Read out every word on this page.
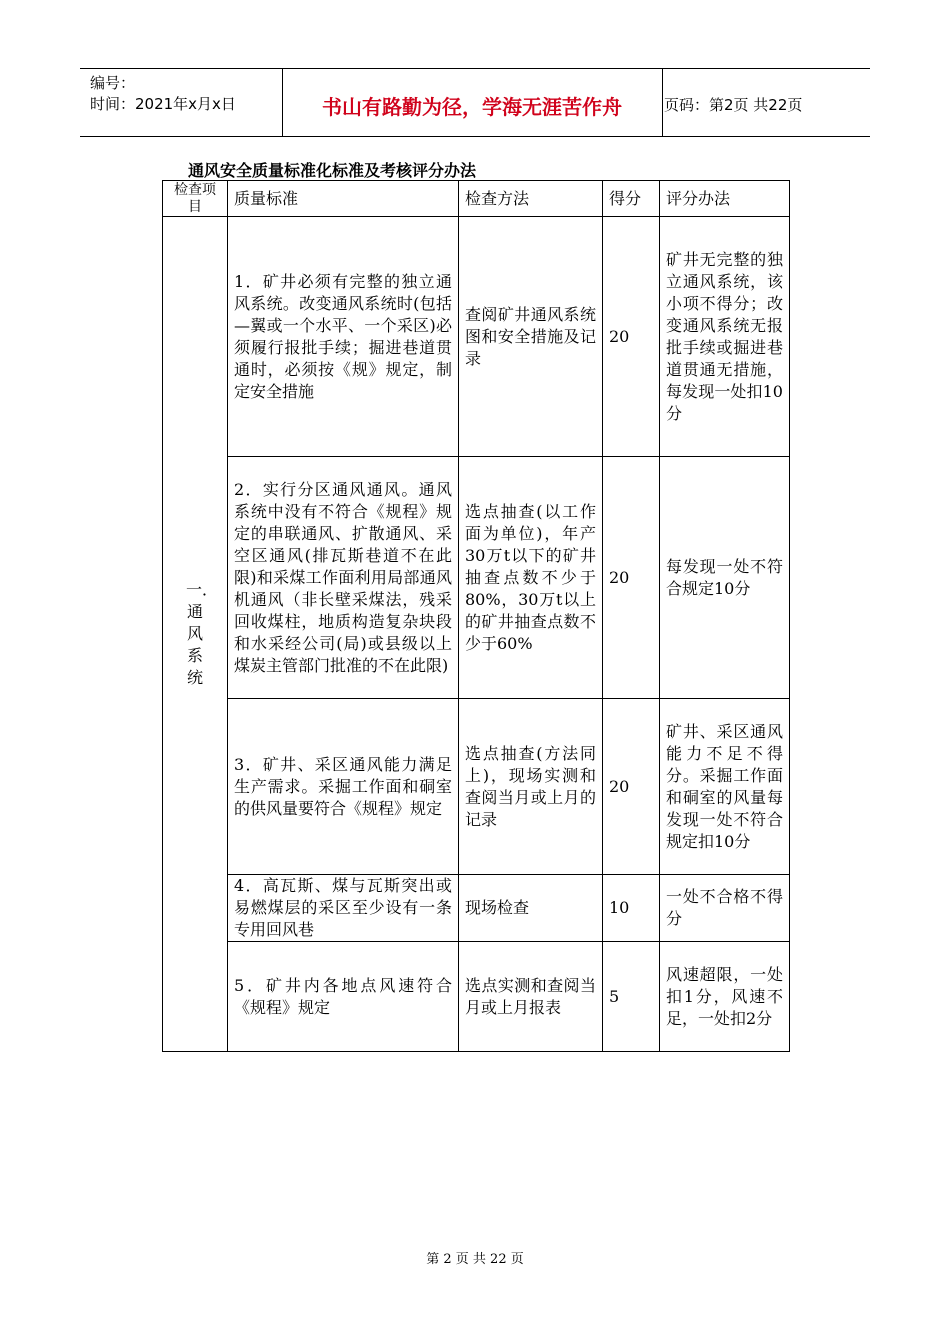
编号：
时间：2021年x月x日	书山有路勤为径，学海无涯苦作舟	页码：第2页 共22页
通风安全质量标准化标准及考核评分办法
检查项目	质量标准	检查方法	得分	评分办法

一．通风系统	1．矿井必须有完整的独立通风系统。改变通风系统时(包括—翼或一个水平、一个采区)必须履行报批手续；掘进巷道贯通时，必须按《规》规定，制定安全措施	查阅矿井通风系统图和安全措施及记录	20	矿井无完整的独立通风系统，该小项不得分；改变通风系统无报批手续或掘进巷道贯通无措施，每发现一处扣10分
	2．实行分区通风通风。通风系统中没有不符合《规程》规定的串联通风、扩散通风、采空区通风(排瓦斯巷道不在此限)和采煤工作面利用局部通风机通风（非长壁采煤法，残采回收煤柱，地质构造复杂块段和水采经公司(局)或县级以上煤炭主管部门批准的不在此限)	选点抽查(以工作面为单位)，年产30万t以下的矿井抽查点数不少于80%，30万t以上的矿井抽查点数不少于60%	20	每发现一处不符合规定10分
	3．矿井、采区通风能力满足生产需求。采掘工作面和硐室的供风量要符合《规程》规定	选点抽查(方法同上)，现场实测和查阅当月或上月的记录	20	矿井、采区通风能力不足不得分。采掘工作面和硐室的风量每发现一处不符合规定扣10分
	4．高瓦斯、煤与瓦斯突出或易燃煤层的采区至少设有一条专用回风巷	现场检查	10	一处不合格不得分
	5．矿井内各地点风速符合《规程》规定	选点实测和查阅当月或上月报表	5	风速超限，一处扣1分，风速不足，一处扣2分
第 2 页 共 22 页
